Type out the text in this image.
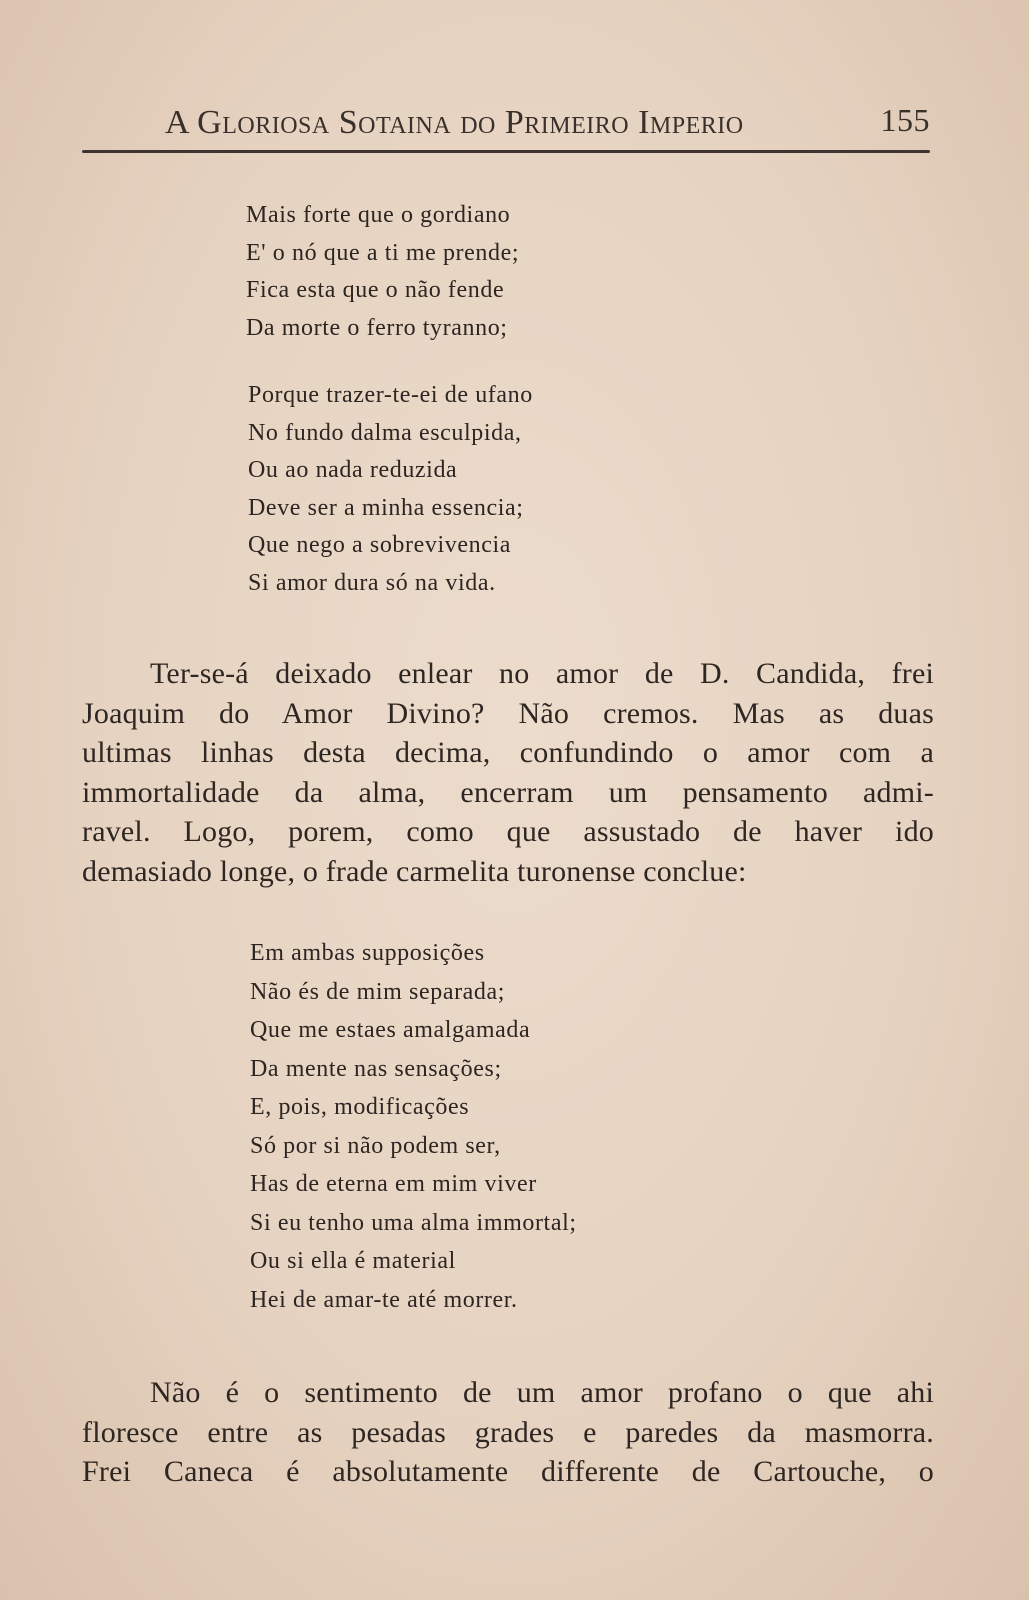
A Gloriosa Sotaina do Primeiro Imperio	155
Mais forte que o gordiano
E' o nó que a ti me prende;
Fica esta que o não fende
Da morte o ferro tyranno;
Porque trazer-te-ei de ufano
No fundo dalma esculpida,
Ou ao nada reduzida
Deve ser a minha essencia;
Que nego a sobrevivencia
Si amor dura só na vida.
Ter-se-á deixado enlear no amor de D. Candida, frei
Joaquim do Amor Divino? Não cremos. Mas as duas
ultimas linhas desta decima, confundindo o amor com a
immortalidade da alma, encerram um pensamento admi-
ravel. Logo, porem, como que assustado de haver ido
demasiado longe, o frade carmelita turonense conclue:
Em ambas supposições
Não és de mim separada;
Que me estaes amalgamada
Da mente nas sensações;
E, pois, modificações
Só por si não podem ser,
Has de eterna em mim viver
Si eu tenho uma alma immortal;
Ou si ella é material
Hei de amar-te até morrer.
Não é o sentimento de um amor profano o que ahi
floresce entre as pesadas grades e paredes da masmorra.
Frei Caneca é absolutamente differente de Cartouche, o
